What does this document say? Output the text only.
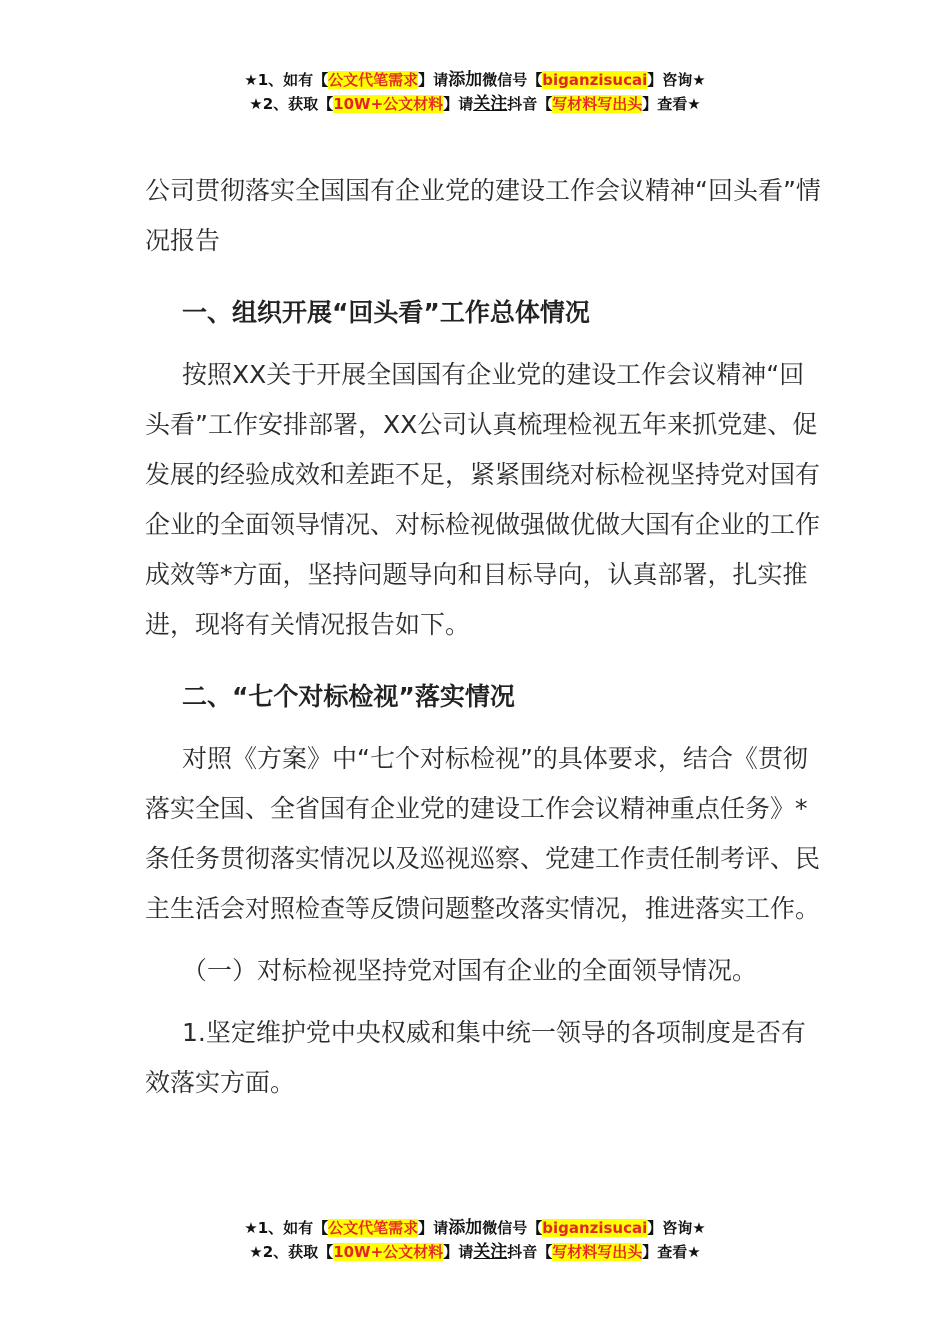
★1、如有【公文代笔需求】请添加微信号【biganzisucai】咨询★
★2、获取【10W+公文材料】请关注抖音【写材料写出头】查看★

公司贯彻落实全国国有企业党的建设工作会议精神“回头看”情况报告

一、组织开展“回头看”工作总体情况

按照XX关于开展全国国有企业党的建设工作会议精神“回头看”工作安排部署，XX公司认真梳理检视五年来抓党建、促发展的经验成效和差距不足，紧紧围绕对标检视坚持党对国有企业的全面领导情况、对标检视做强做优做大国有企业的工作成效等*方面，坚持问题导向和目标导向，认真部署，扎实推进，现将有关情况报告如下。

二、“七个对标检视”落实情况

对照《方案》中“七个对标检视”的具体要求，结合《贯彻落实全国、全省国有企业党的建设工作会议精神重点任务》*条任务贯彻落实情况以及巡视巡察、党建工作责任制考评、民主生活会对照检查等反馈问题整改落实情况，推进落实工作。

（一）对标检视坚持党对国有企业的全面领导情况。

1.坚定维护党中央权威和集中统一领导的各项制度是否有效落实方面。

★1、如有【公文代笔需求】请添加微信号【biganzisucai】咨询★
★2、获取【10W+公文材料】请关注抖音【写材料写出头】查看★
